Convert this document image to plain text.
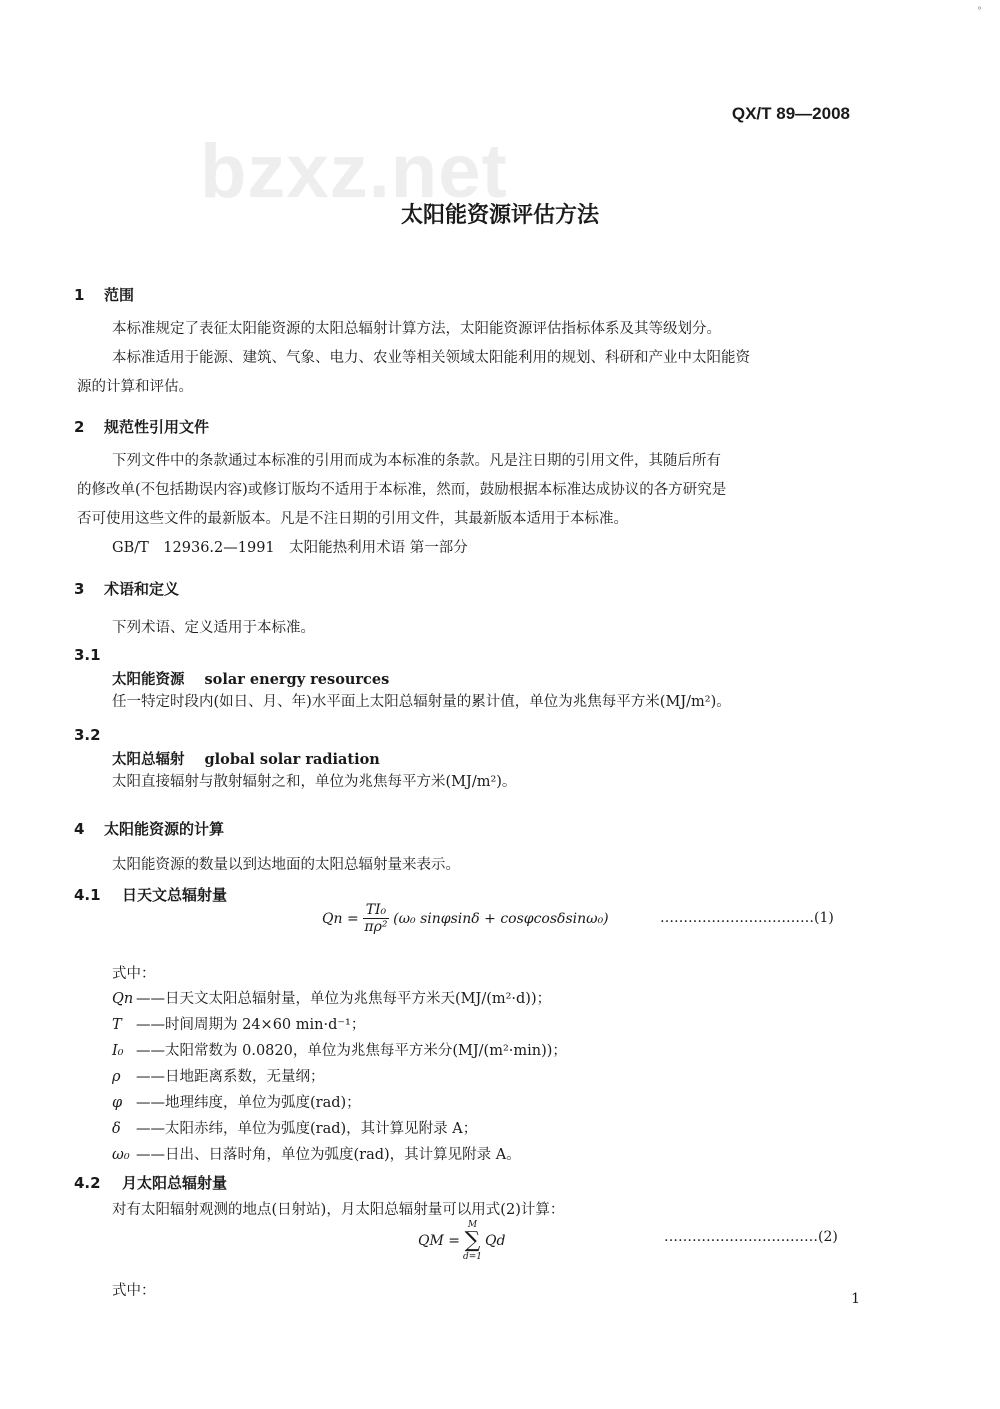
°
QX/T 89—2008
bzxz.net
太阳能资源评估方法
1 范围
本标准规定了表征太阳能资源的太阳总辐射计算方法，太阳能资源评估指标体系及其等级划分。
本标准适用于能源、建筑、气象、电力、农业等相关领域太阳能利用的规划、科研和产业中太阳能资
源的计算和评估。
2 规范性引用文件
下列文件中的条款通过本标准的引用而成为本标准的条款。凡是注日期的引用文件，其随后所有
的修改单(不包括勘误内容)或修订版均不适用于本标准，然而，鼓励根据本标准达成协议的各方研究是
否可使用这些文件的最新版本。凡是不注日期的引用文件，其最新版本适用于本标准。
GB/T　12936.2—1991　太阳能热利用术语 第一部分
3 术语和定义
下列术语、定义适用于本标准。
3.1
太阳能资源 solar energy resources
任一特定时段内(如日、月、年)水平面上太阳总辐射量的累计值，单位为兆焦每平方米(MJ/m²)。
3.2
太阳总辐射 global solar radiation
太阳直接辐射与散射辐射之和，单位为兆焦每平方米(MJ/m²)。
4 太阳能资源的计算
太阳能资源的数量以到达地面的太阳总辐射量来表示。
4.1 日天文总辐射量
$Qn = \frac{\text{TI₀}}{\text{πρ²}} (\omega_0$ sinφsinδ + cosφcosδsinω₀)	……………………………(1)
式中：
Qn ——日天文太阳总辐射量，单位为兆焦每平方米天(MJ/(m²·d))；
T ——时间周期为 24×60 min·d⁻¹；
I₀ ——太阳常数为 0.0820，单位为兆焦每平方米分(MJ/(m²·min))；
ρ ——日地距离系数，无量纲；
φ ——地理纬度，单位为弧度(rad)；
δ ——太阳赤纬，单位为弧度(rad)，其计算见附录 A；
ω₀ ——日出、日落时角，单位为弧度(rad)，其计算见附录 A。
4.2 月太阳总辐射量
对有太阳辐射观测的地点(日射站)，月太阳总辐射量可以用式(2)计算：
QM =
M
∑
d=1
Qd	……………………………(2)
式中：	1
